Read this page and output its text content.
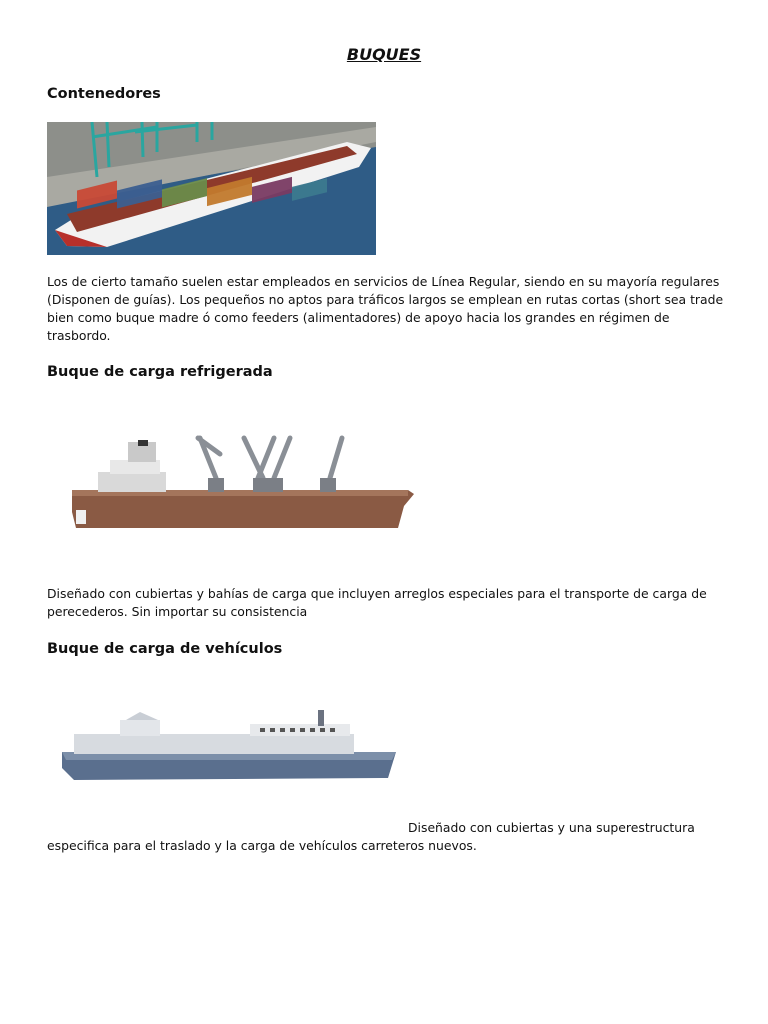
BUQUES
Contenedores

Los de cierto tamaño suelen estar empleados en servicios de Línea Regular, siendo en su mayoría regulares (Disponen de guías). Los pequeños no aptos para tráficos largos se emplean en rutas cortas (short sea trade bien como buque madre ó como feeders (alimentadores) de apoyo hacia los grandes en régimen de trasbordo.

Buque de carga refrigerada

Diseñado con cubiertas y bahías de carga que incluyen arreglos especiales para el transporte de carga de perecederos. Sin importar su consistencia

Buque de carga de vehículos

Diseñado con cubiertas y una superestructura especifica para el traslado y la carga de vehículos carreteros nuevos.
